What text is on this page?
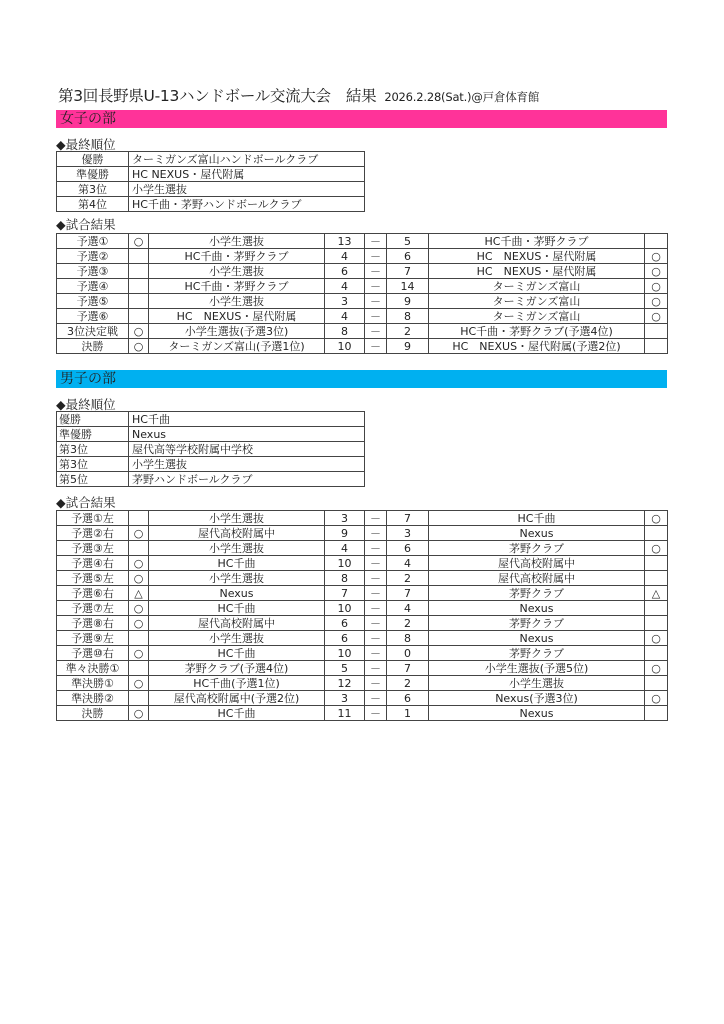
第3回長野県U-13ハンドボール交流大会　結果 2026.2.28(Sat.)@戸倉体育館
女子の部
◆最終順位
優勝	ターミガンズ富山ハンドボールクラブ
準優勝	HC NEXUS・屋代附属
第3位	小学生選抜
第4位	HC千曲・茅野ハンドボールクラブ
◆試合結果
予選①	○	小学生選抜	13	－	5	HC千曲・茅野クラブ	
予選②		HC千曲・茅野クラブ	4	－	6	HC　NEXUS・屋代附属	○
予選③		小学生選抜	6	－	7	HC　NEXUS・屋代附属	○
予選④		HC千曲・茅野クラブ	4	－	14	ターミガンズ富山	○
予選⑤		小学生選抜	3	－	9	ターミガンズ富山	○
予選⑥		HC　NEXUS・屋代附属	4	－	8	ターミガンズ富山	○
3位決定戦	○	小学生選抜(予選3位)	8	－	2	HC千曲・茅野クラブ(予選4位)	
決勝	○	ターミガンズ富山(予選1位)	10	－	9	HC　NEXUS・屋代附属(予選2位)	
男子の部
◆最終順位
優勝	HC千曲
準優勝	Nexus
第3位	屋代高等学校附属中学校
第3位	小学生選抜
第5位	茅野ハンドボールクラブ
◆試合結果
予選①左		小学生選抜	3	－	7	HC千曲	○
予選②右	○	屋代高校附属中	9	－	3	Nexus	
予選③左		小学生選抜	4	－	6	茅野クラブ	○
予選④右	○	HC千曲	10	－	4	屋代高校附属中	
予選⑤左	○	小学生選抜	8	－	2	屋代高校附属中	
予選⑥右	△	Nexus	7	－	7	茅野クラブ	△
予選⑦左	○	HC千曲	10	－	4	Nexus	
予選⑧右	○	屋代高校附属中	6	－	2	茅野クラブ	
予選⑨左		小学生選抜	6	－	8	Nexus	○
予選⑩右	○	HC千曲	10	－	0	茅野クラブ	
準々決勝①		茅野クラブ(予選4位)	5	－	7	小学生選抜(予選5位)	○
準決勝①	○	HC千曲(予選1位)	12	－	2	小学生選抜	
準決勝②		屋代高校附属中(予選2位)	3	－	6	Nexus(予選3位)	○
決勝	○	HC千曲	11	－	1	Nexus	
